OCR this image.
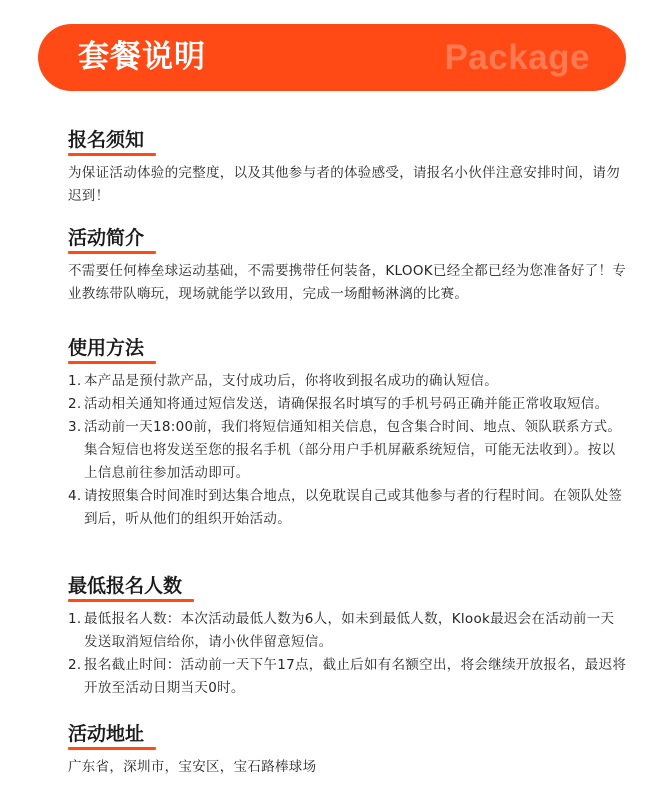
套餐说明	Package
报名须知
为保证活动体验的完整度，以及其他参与者的体验感受，请报名小伙伴注意安排时间，请勿迟到！
活动简介
不需要任何棒垒球运动基础，不需要携带任何装备，KLOOK已经全都已经为您准备好了！专业教练带队嗨玩，现场就能学以致用，完成一场酣畅淋漓的比赛。
使用方法
1. 本产品是预付款产品，支付成功后，你将收到报名成功的确认短信。
2. 活动相关通知将通过短信发送，请确保报名时填写的手机号码正确并能正常收取短信。
3. 活动前一天18:00前，我们将短信通知相关信息，包含集合时间、地点、领队联系方式。集合短信也将发送至您的报名手机（部分用户手机屏蔽系统短信，可能无法收到）。按以上信息前往参加活动即可。
4. 请按照集合时间准时到达集合地点，以免耽误自己或其他参与者的行程时间。在领队处签到后，听从他们的组织开始活动。
最低报名人数
1. 最低报名人数：本次活动最低人数为6人，如未到最低人数，Klook最迟会在活动前一天发送取消短信给你，请小伙伴留意短信。
2. 报名截止时间：活动前一天下午17点，截止后如有名额空出，将会继续开放报名，最迟将开放至活动日期当天0时。
活动地址
广东省，深圳市，宝安区，宝石路棒球场
